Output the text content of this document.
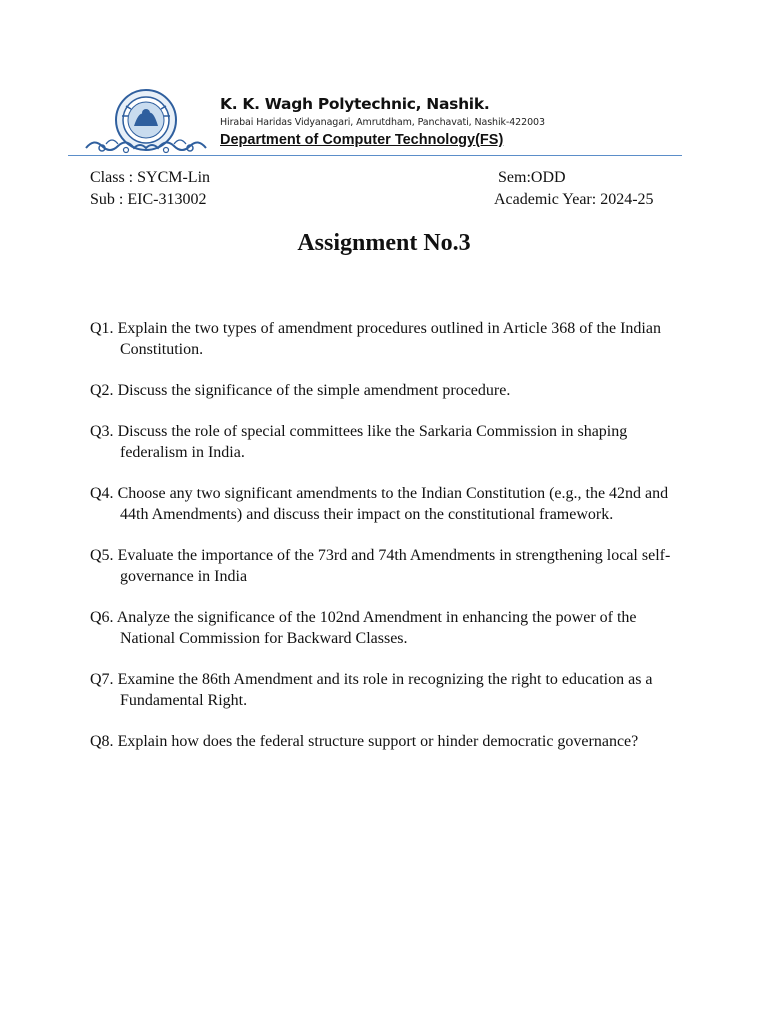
K. K. Wagh Polytechnic, Nashik.
Hirabai Haridas Vidyanagari, Amrutdham, Panchavati, Nashik-422003
Department of Computer Technology(FS)
Class : SYCM-Lin	Sem:ODD
Sub : EIC-313002	Academic Year: 2024-25
Assignment No.3

Q1. Explain the two types of amendment procedures outlined in Article 368 of the Indian Constitution.

Q2. Discuss the significance of the simple amendment procedure.

Q3. Discuss the role of special committees like the Sarkaria Commission in shaping federalism in India.

Q4. Choose any two significant amendments to the Indian Constitution (e.g., the 42nd and 44th Amendments) and discuss their impact on the constitutional framework.

Q5. Evaluate the importance of the 73rd and 74th Amendments in strengthening local self-governance in India

Q6. Analyze the significance of the 102nd Amendment in enhancing the power of the National Commission for Backward Classes.

Q7. Examine the 86th Amendment and its role in recognizing the right to education as a Fundamental Right.

Q8. Explain how does the federal structure support or hinder democratic governance?
